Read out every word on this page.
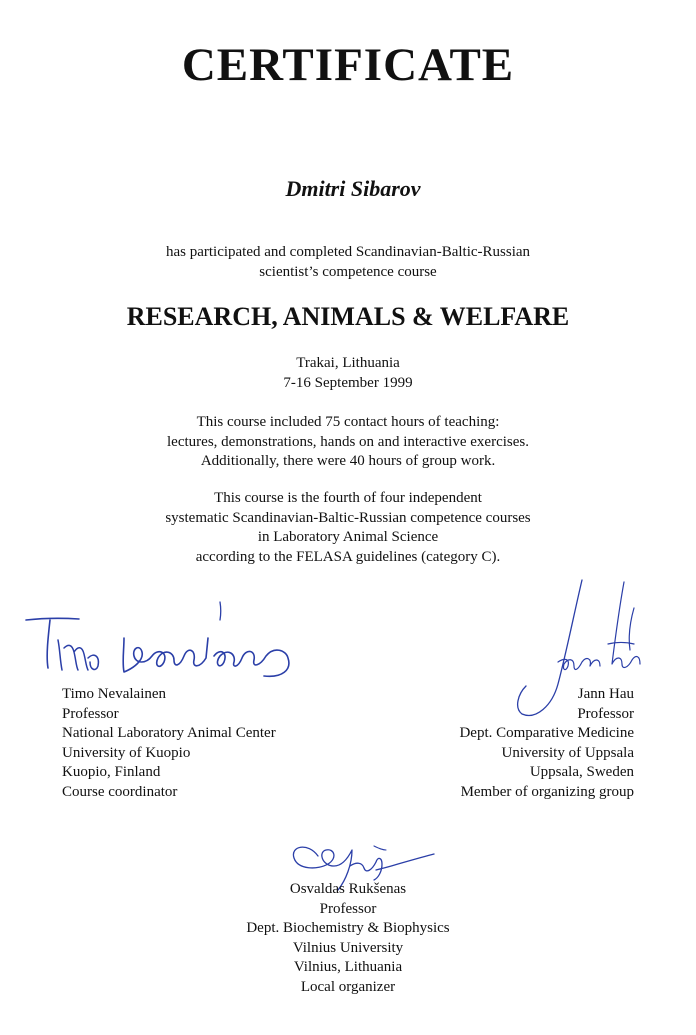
CERTIFICATE
Dmitri Sibarov
has participated and completed Scandinavian-Baltic-Russian
scientist’s competence course
RESEARCH, ANIMALS & WELFARE
Trakai, Lithuania
7-16 September 1999
This course included 75 contact hours of teaching:
lectures, demonstrations, hands on and interactive exercises.
Additionally, there were 40 hours of group work.
This course is the fourth of four independent
systematic Scandinavian-Baltic-Russian competence courses
in Laboratory Animal Science
according to the FELASA guidelines (category C).
Timo Nevalainen
Professor
National Laboratory Animal Center
University of Kuopio
Kuopio, Finland
Course coordinator
Jann Hau
Professor
Dept. Comparative Medicine
University of Uppsala
Uppsala, Sweden
Member of organizing group
Osvaldas Rukšenas
Professor
Dept. Biochemistry & Biophysics
Vilnius University
Vilnius, Lithuania
Local organizer
